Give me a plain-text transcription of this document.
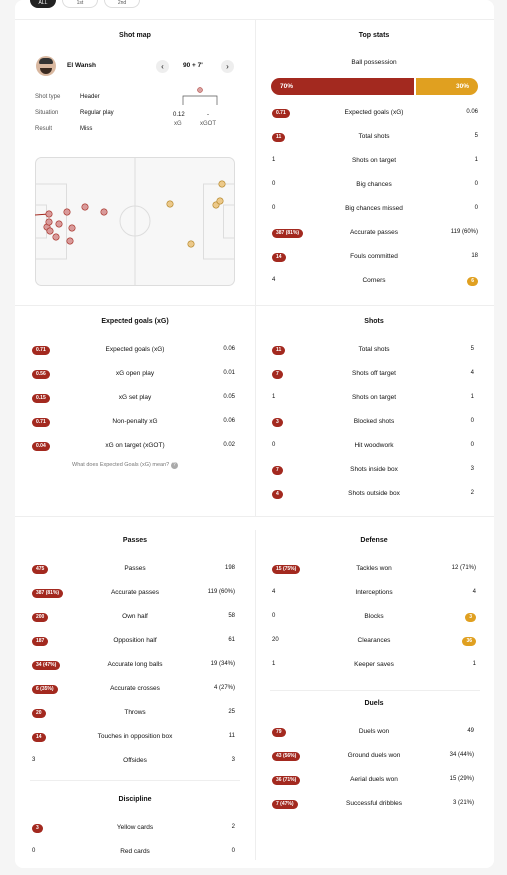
ALL	1st	2nd
Shot map
El Wansh	‹	90 + 7'	›
Shot type	Header
Situation	Regular play
Result	Miss
0.12	-
xG	xGOT
Top stats
Ball possession
70%	30%
0.71	Expected goals (xG)	0.06
11	Total shots	5
1	Shots on target	1
0	Big chances	0
0	Big chances missed	0
387 (81%)	Accurate passes	119 (60%)
14	Fouls committed	18
4	Corners	6
Expected goals (xG)
0.71	Expected goals (xG)	0.06
0.56	xG open play	0.01
0.15	xG set play	0.05
0.71	Non-penalty xG	0.06
0.04	xG on target (xGOT)	0.02
What does Expected Goals (xG) mean? ?
Shots
11	Total shots	5
7	Shots off target	4
1	Shots on target	1
3	Blocked shots	0
0	Hit woodwork	0
7	Shots inside box	3
4	Shots outside box	2
Passes
475	Passes	198
387 (81%)	Accurate passes	119 (60%)
200	Own half	58
187	Opposition half	61
34 (47%)	Accurate long balls	19 (34%)
6 (35%)	Accurate crosses	4 (27%)
20	Throws	25
14	Touches in opposition box	11
3	Offsides	3
Discipline
3	Yellow cards	2
0	Red cards	0
Defense
15 (75%)	Tackles won	12 (71%)
4	Interceptions	4
0	Blocks	3
20	Clearances	36
1	Keeper saves	1
Duels
79	Duels won	49
43 (56%)	Ground duels won	34 (44%)
36 (71%)	Aerial duels won	15 (29%)
7 (47%)	Successful dribbles	3 (21%)
